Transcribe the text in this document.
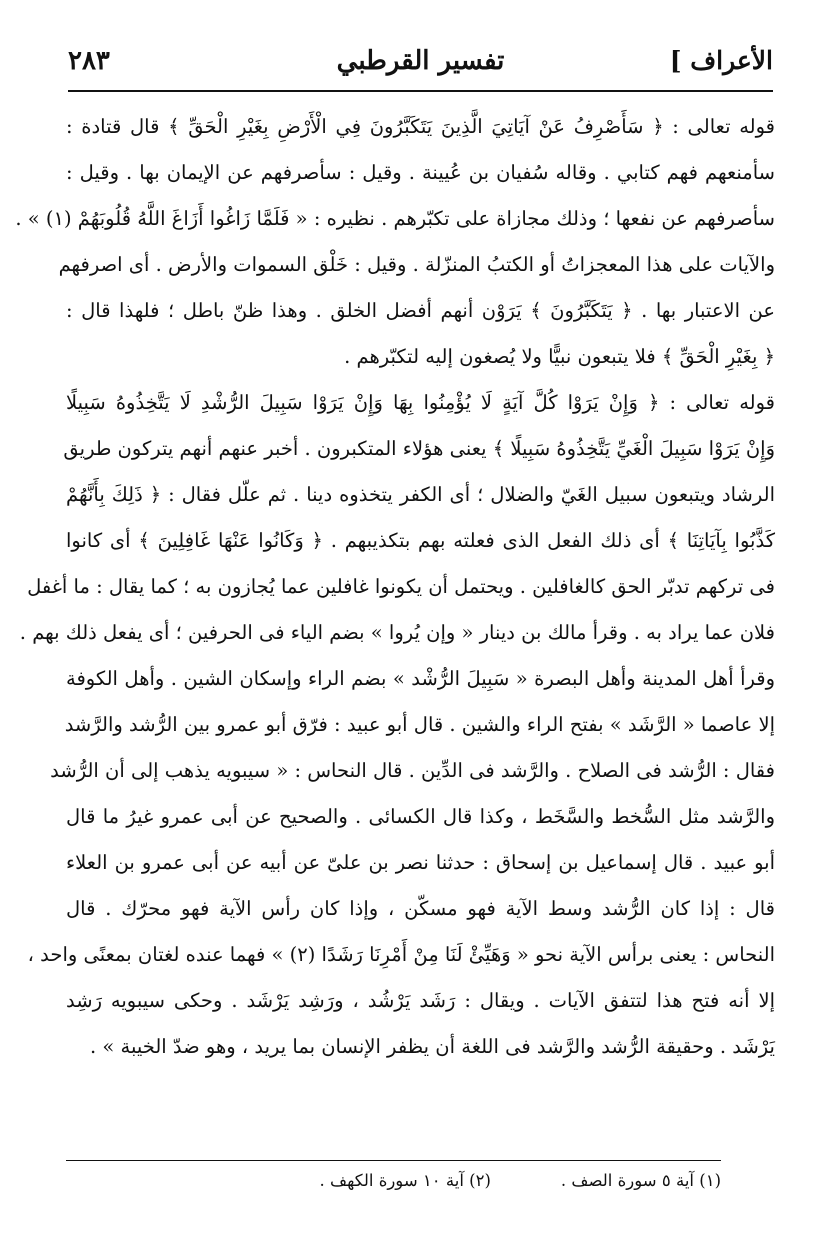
الأعراف ]
تفسير القرطبي
٢٨٣
قوله تعالى : ﴿ سَأَصْرِفُ عَنْ آيَاتِيَ الَّذِينَ يَتَكَبَّرُونَ فِي الْأَرْضِ بِغَيْرِ الْحَقِّ ﴾ قال قتادة :
سأمنعهم فهم كتابي . وقاله سُفيان بن عُيينة . وقيل : سأصرفهم عن الإيمان بها . وقيل :
سأصرفهم عن نفعها ؛ وذلك مجازاة على تكبّرهم . نظيره : « فَلَمَّا زَاغُوا أَزَاغَ اللَّهُ قُلُوبَهُمْ (١) » .
والآيات على هذا المعجزاتُ أو الكتبُ المنزّلة . وقيل : خَلْق السموات والأرض . أى اصرفهم
عن الاعتبار بها . ﴿ يَتَكَبَّرُونَ ﴾ يَرَوْن أنهم أفضل الخلق . وهذا ظنّ باطل ؛ فلهذا قال :
﴿ بِغَيْرِ الْحَقِّ ﴾ فلا يتبعون نبيًّا ولا يُصغون إليه لتكبّرهم .
قوله تعالى : ﴿ وَإِنْ يَرَوْا كُلَّ آيَةٍ لَا يُؤْمِنُوا بِهَا وَإِنْ يَرَوْا سَبِيلَ الرُّشْدِ لَا يَتَّخِذُوهُ سَبِيلًا
وَإِنْ يَرَوْا سَبِيلَ الْغَيِّ يَتَّخِذُوهُ سَبِيلًا ﴾ يعنى هؤلاء المتكبرون . أخبر عنهم أنهم يتركون طريق
الرشاد ويتبعون سبيل الغَيّ والضلال ؛ أى الكفر يتخذوه دينا . ثم علّل فقال : ﴿ ذَلِكَ بِأَنَّهُمْ
كَذَّبُوا بِآيَاتِنَا ﴾ أى ذلك الفعل الذى فعلته بهم بتكذيبهم . ﴿ وَكَانُوا عَنْهَا غَافِلِينَ ﴾ أى كانوا
فى تركهم تدبّر الحق كالغافلين . ويحتمل أن يكونوا غافلين عما يُجازون به ؛ كما يقال : ما أغفل
فلان عما يراد به . وقرأ مالك بن دينار « وإن يُروا » بضم الياء فى الحرفين ؛ أى يفعل ذلك بهم .
وقرأ أهل المدينة وأهل البصرة « سَبِيلَ الرُّشْد » بضم الراء وإسكان الشين . وأهل الكوفة
إلا عاصما « الرَّشَد » بفتح الراء والشين . قال أبو عبيد : فرّق أبو عمرو بين الرُّشد والرَّشد
فقال : الرُّشد فى الصلاح . والرَّشد فى الدِّين . قال النحاس : « سيبويه يذهب إلى أن الرُّشد
والرَّشد مثل السُّخط والسَّخَط ، وكذا قال الكسائى . والصحيح عن أبى عمرو غيرُ ما قال
أبو عبيد . قال إسماعيل بن إسحاق : حدثنا نصر بن علىّ عن أبيه عن أبى عمرو بن العلاء
قال : إذا كان الرُّشد وسط الآية فهو مسكّن ، وإذا كان رأس الآية فهو محرّك . قال
النحاس : يعنى برأس الآية نحو « وَهَيِّئْ لَنَا مِنْ أَمْرِنَا رَشَدًا (٢) » فهما عنده لغتان بمعنًى واحد ،
إلا أنه فتح هذا لتتفق الآيات . ويقال : رَشَد يَرْشُد ، ورَشِد يَرْشَد . وحكى سيبويه رَشِد
يَرْشَد . وحقيقة الرُّشد والرَّشد فى اللغة أن يظفر الإنسان بما يريد ، وهو ضدّ الخيبة » .
(١) آية ٥ سورة الصف .
(٢) آية ١٠ سورة الكهف .
